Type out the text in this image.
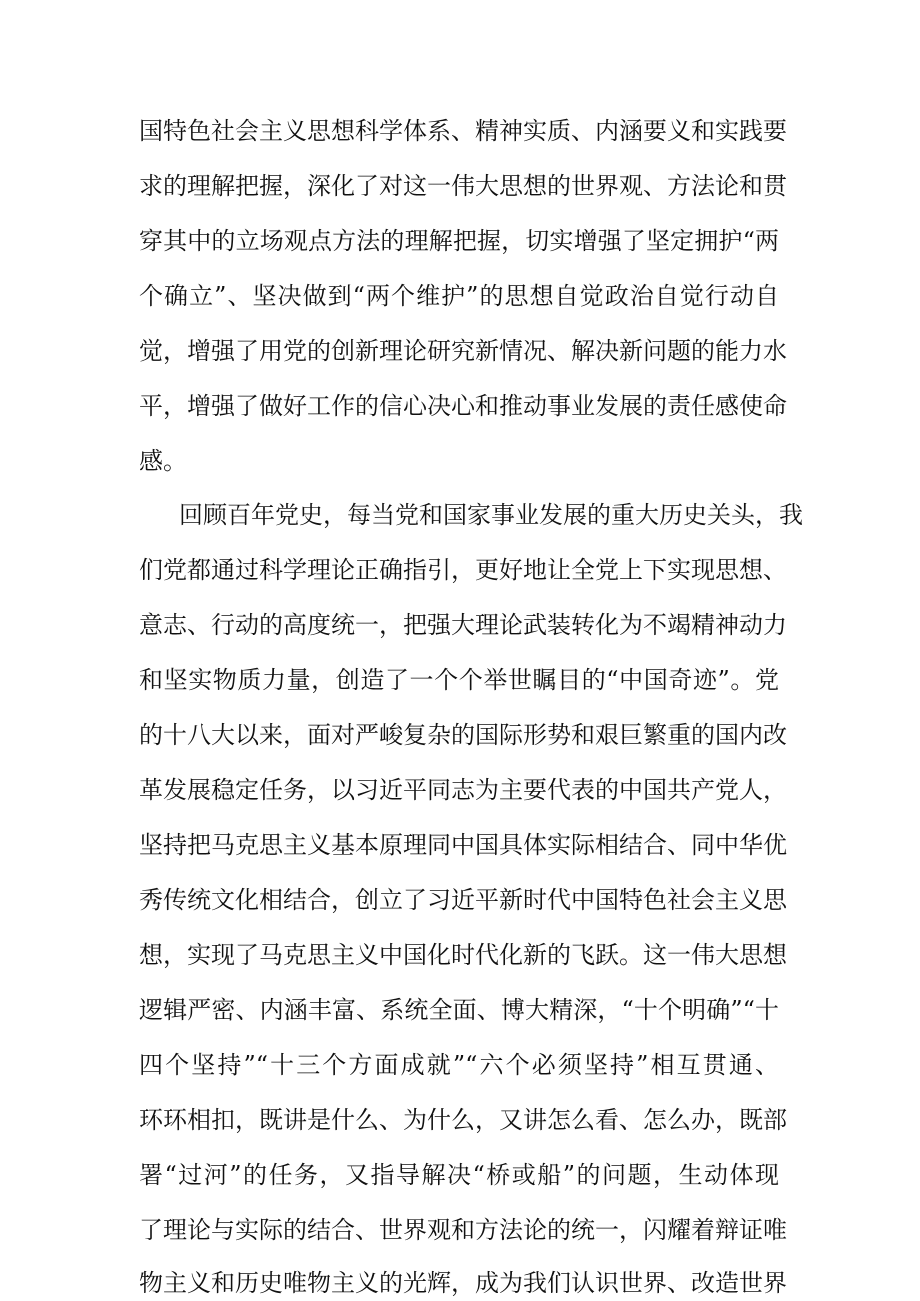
国特色社会主义思想科学体系、精神实质、内涵要义和实践要
求的理解把握，深化了对这一伟大思想的世界观、方法论和贯
穿其中的立场观点方法的理解把握，切实增强了坚定拥护“两
个确立”、坚决做到“两个维护”的思想自觉政治自觉行动自
觉，增强了用党的创新理论研究新情况、解决新问题的能力水
平，增强了做好工作的信心决心和推动事业发展的责任感使命
感。
回顾百年党史，每当党和国家事业发展的重大历史关头，我
们党都通过科学理论正确指引，更好地让全党上下实现思想、
意志、行动的高度统一，把强大理论武装转化为不竭精神动力
和坚实物质力量，创造了一个个举世瞩目的“中国奇迹”。党
的十八大以来，面对严峻复杂的国际形势和艰巨繁重的国内改
革发展稳定任务，以习近平同志为主要代表的中国共产党人，
坚持把马克思主义基本原理同中国具体实际相结合、同中华优
秀传统文化相结合，创立了习近平新时代中国特色社会主义思
想，实现了马克思主义中国化时代化新的飞跃。这一伟大思想
逻辑严密、内涵丰富、系统全面、博大精深，“十个明确”“十
四个坚持”“十三个方面成就”“六个必须坚持”相互贯通、
环环相扣，既讲是什么、为什么，又讲怎么看、怎么办，既部
署“过河”的任务，又指导解决“桥或船”的问题，生动体现
了理论与实际的结合、世界观和方法论的统一，闪耀着辩证唯
物主义和历史唯物主义的光辉，成为我们认识世界、改造世界
